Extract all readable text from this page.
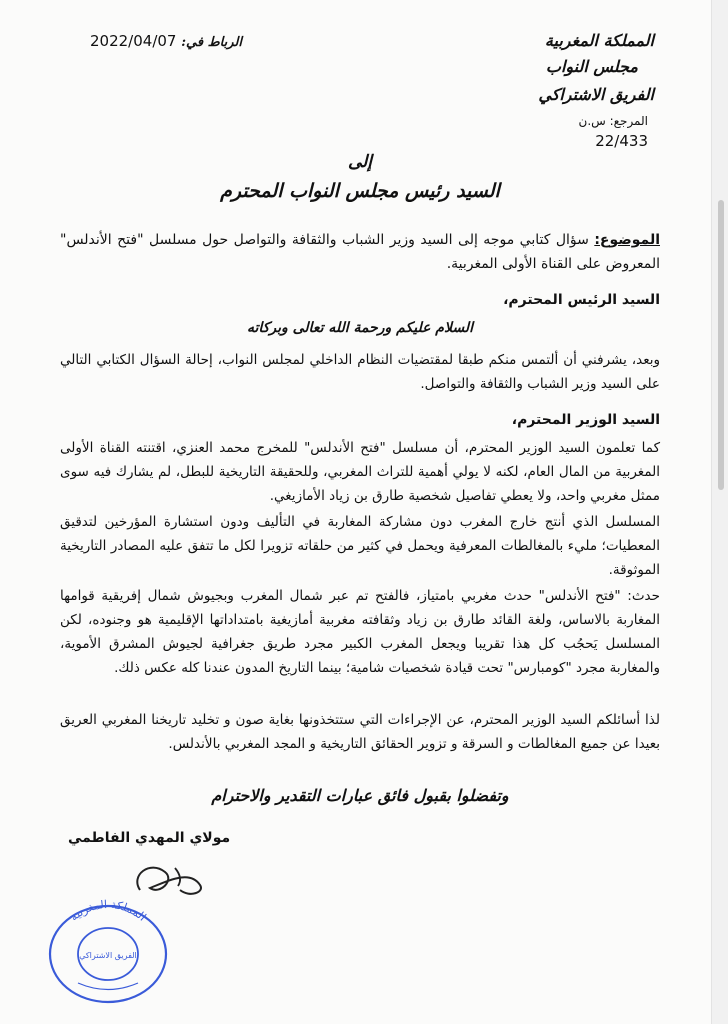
المملكة المغربية
مجلس النواب
الفريق الاشتراكي
المرجع: س.ن
22/433
الرباط في: 2022/04/07
إلى
السيد رئيس مجلس النواب المحترم
الموضوع: سؤال كتابي موجه إلى السيد وزير الشباب والثقافة والتواصل حول مسلسل "فتح الأندلس" المعروض على القناة الأولى المغربية.
السيد الرئيس المحترم،
السلام عليكم ورحمة الله تعالى وبركاته
وبعد، يشرفني أن ألتمس منكم طبقا لمقتضيات النظام الداخلي لمجلس النواب، إحالة السؤال الكتابي التالي على السيد وزير الشباب والثقافة والتواصل.
السيد الوزير المحترم،
كما تعلمون السيد الوزير المحترم، أن مسلسل "فتح الأندلس" للمخرج محمد العنزي، اقتنته القناة الأولى المغربية من المال العام، لكنه لا يولي أهمية للتراث المغربي، وللحقيقة التاريخية للبطل، لم يشارك فيه سوى ممثل مغربي واحد، ولا يعطي تفاصيل شخصية طارق بن زياد الأمازيغي.
المسلسل الذي أنتج خارج المغرب دون مشاركة المغاربة في التأليف ودون استشارة المؤرخين لتدقيق المعطيات؛ مليء بالمغالطات المعرفية ويحمل في كثير من حلقاته تزويرا لكل ما تتفق عليه المصادر التاريخية الموثوقة.
حدث: "فتح الأندلس" حدث مغربي بامتياز، فالفتح تم عبر شمال المغرب وبجيوش شمال إفريقية قوامها المغاربة بالاساس، ولغة القائد طارق بن زياد وثقافته مغربية أمازيغية بامتداداتها الإقليمية هو وجنوده، لكن المسلسل يَحجُب كل هذا تقريبا ويجعل المغرب الكبير مجرد طريق جغرافية لجيوش المشرق الأموية، والمغاربة مجرد "كومبارس" تحت قيادة شخصيات شامية؛ بينما التاريخ المدون عندنا كله عكس ذلك.
لذا أسائلكم السيد الوزير المحترم، عن الإجراءات التي ستتخذونها بغاية صون و تخليد تاريخنا المغربي العريق بعيدا عن جميع المغالطات و السرقة و تزوير الحقائق التاريخية و المجد المغربي بالأندلس.
وتفضلوا بقبول فائق عبارات التقدير والاحترام
مولاي المهدي الفاطمي
المملكة المغربية
الفريق الاشتراكي
